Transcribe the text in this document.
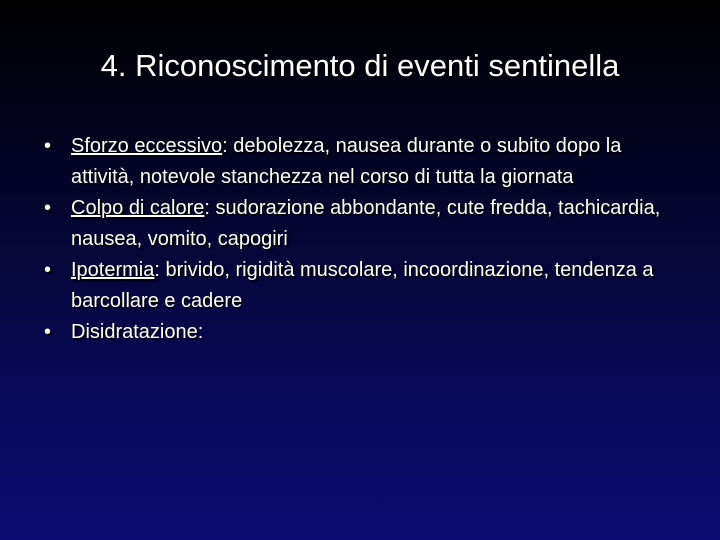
4. Riconoscimento di eventi sentinella
• Sforzo eccessivo: debolezza, nausea durante o subito dopo la attività, notevole stanchezza nel corso di tutta la giornata
• Colpo di calore: sudorazione abbondante, cute fredda, tachicardia, nausea, vomito, capogiri
• Ipotermia: brivido, rigidità muscolare, incoordinazione, tendenza a barcollare e cadere
• Disidratazione:
